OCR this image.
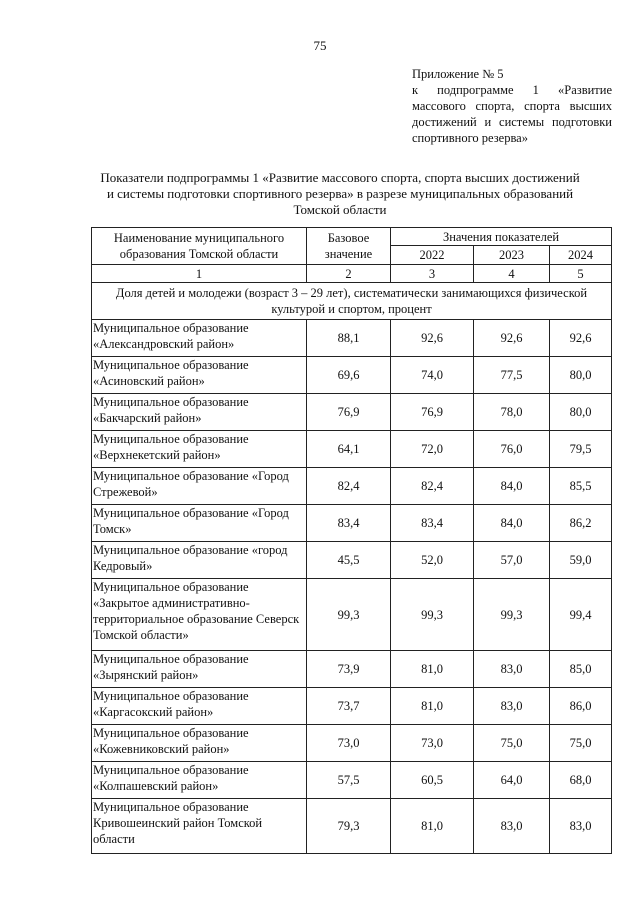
75
Приложение № 5
к подпрограмме 1 «Развитие
массового спорта, спорта высших
достижений и системы подготовки
спортивного резерва»
Показатели подпрограммы 1 «Развитие массового спорта, спорта высших достижений
и системы подготовки спортивного резерва» в разрезе муниципальных образований
Томской области
Наименование муниципального образования Томской области	Базовое значение	Значения показателей		
		2022	2023	2024
1	2	3	4	5
Доля детей и молодежи (возраст 3 – 29 лет), систематически занимающихся физической культурой и спортом, процент				
Муниципальное образование «Александровский район»	88,1	92,6	92,6	92,6
Муниципальное образование «Асиновский район»	69,6	74,0	77,5	80,0
Муниципальное образование «Бакчарский район»	76,9	76,9	78,0	80,0
Муниципальное образование «Верхнекетский район»	64,1	72,0	76,0	79,5
Муниципальное образование «Город Стрежевой»	82,4	82,4	84,0	85,5
Муниципальное образование «Город Томск»	83,4	83,4	84,0	86,2
Муниципальное образование «город Кедровый»	45,5	52,0	57,0	59,0
Муниципальное образование «Закрытое административно-территориальное образование Северск Томской области»	99,3	99,3	99,3	99,4
Муниципальное образование «Зырянский район»	73,9	81,0	83,0	85,0
Муниципальное образование «Каргасокский район»	73,7	81,0	83,0	86,0
Муниципальное образование «Кожевниковский район»	73,0	73,0	75,0	75,0
Муниципальное образование «Колпашевский район»	57,5	60,5	64,0	68,0
Муниципальное образование Кривошеинский район Томской области	79,3	81,0	83,0	83,0
